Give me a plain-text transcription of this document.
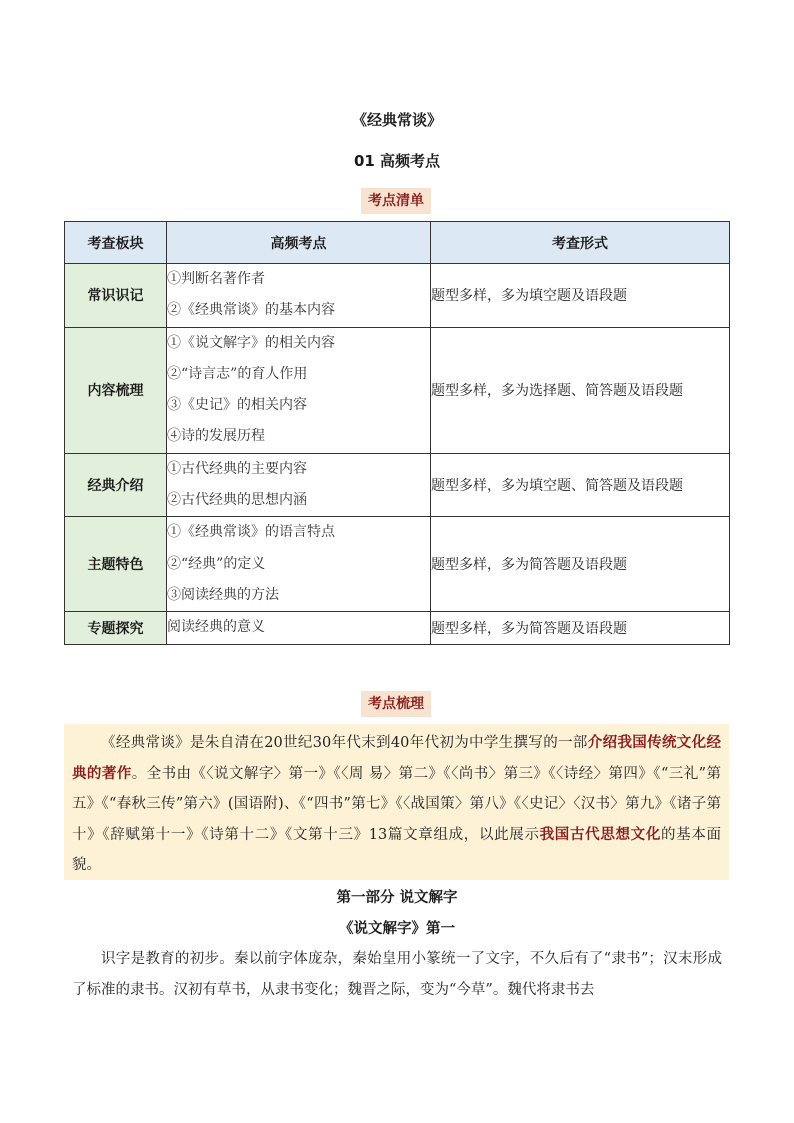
《经典常谈》
01 高频考点
考点清单
考查板块	高频考点	考查形式
常识识记	①判断名著作者
②《经典常谈》的基本内容	题型多样，多为填空题及语段题
内容梳理	①《说文解字》的相关内容
②“诗言志”的育人作用
③《史记》的相关内容
④诗的发展历程	题型多样，多为选择题、简答题及语段题
经典介绍	①古代经典的主要内容
②古代经典的思想内涵	题型多样，多为填空题、简答题及语段题
主题特色	①《经典常谈》的语言特点
②“经典”的定义
③阅读经典的方法	题型多样，多为简答题及语段题
专题探究	阅读经典的意义	题型多样，多为简答题及语段题
考点梳理

《经典常谈》是朱自清在20世纪30年代末到40年代初为中学生撰写的一部介绍我国传统文化经典的著作。全书由《〈说文解字〉第一》《〈周 易〉第二》《〈尚书〉第三》《〈诗经〉第四》《“三礼”第五》《“春秋三传”第六》(国语附)、《“四书”第七》《〈战国策〉第八》《〈史记〉〈汉书〉第九》《诸子第十》《辞赋第十一》《诗第十二》《文第十三》13篇文章组成，以此展示我国古代思想文化的基本面貌。

第一部分 说文解字
《说文解字》第一

识字是教育的初步。秦以前字体庞杂，秦始皇用小篆统一了文字，不久后有了“隶书”；汉末形成了标准的隶书。汉初有草书，从隶书变化；魏晋之际，变为“今草”。魏代将隶书去
